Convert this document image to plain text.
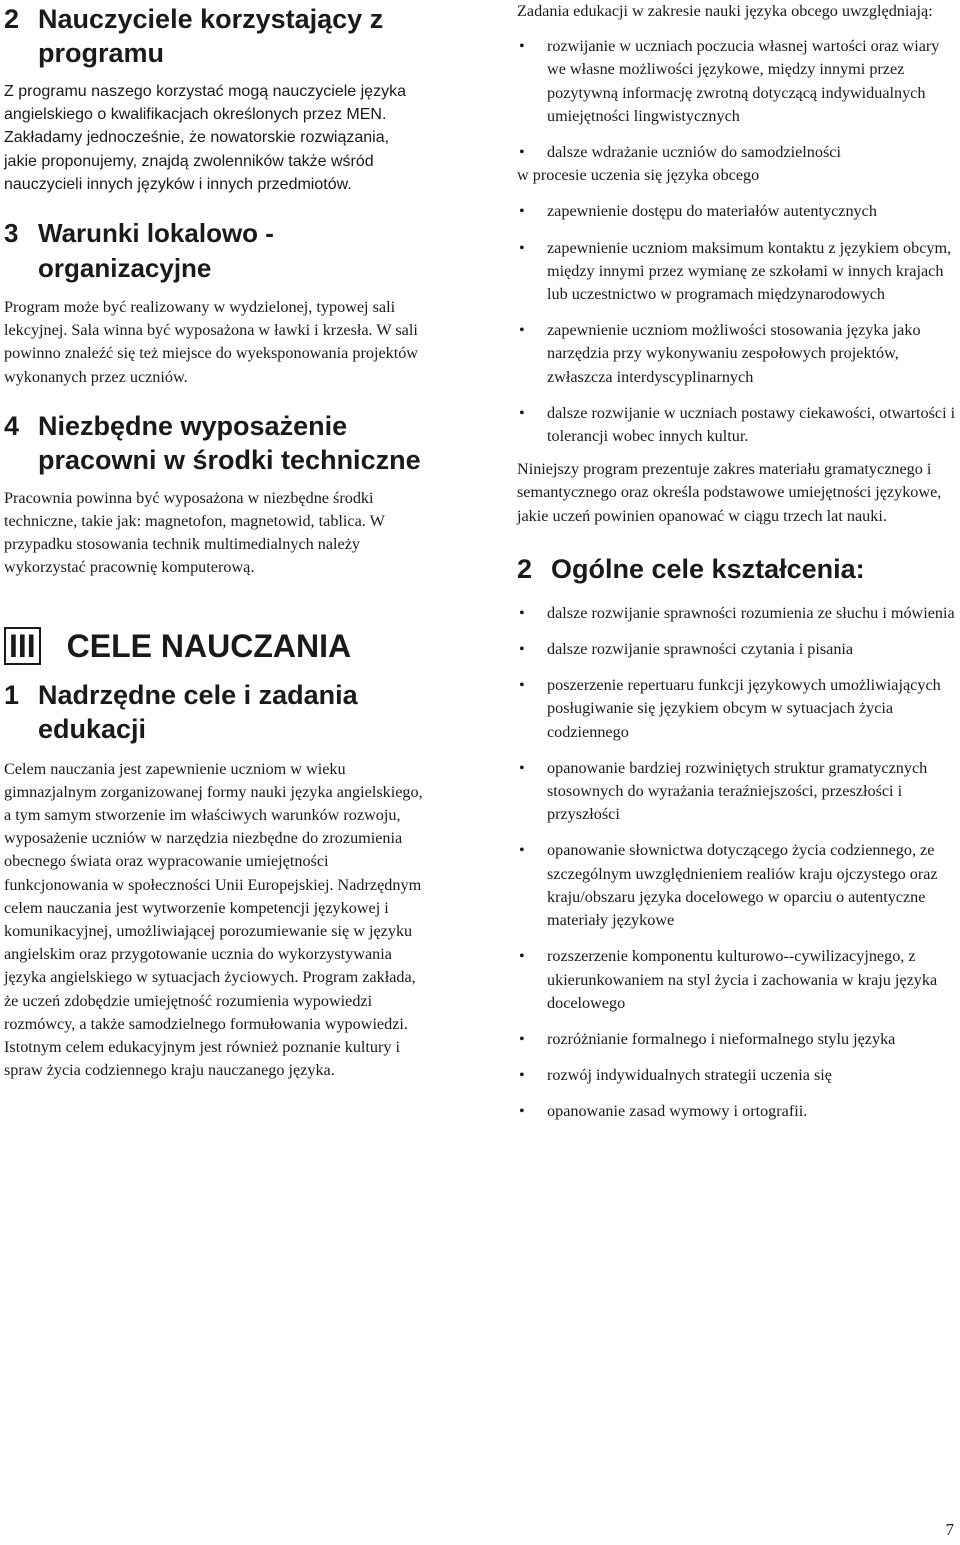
2 Nauczyciele korzystający z programu

Z programu naszego korzystać mogą nauczyciele języka angielskiego o kwalifikacjach określonych przez MEN. Zakładamy jednocześnie, że nowatorskie rozwiązania, jakie proponujemy, znajdą zwolenników także wśród nauczycieli innych języków i innych przedmiotów.

3 Warunki lokalowo - organizacyjne

Program może być realizowany w wydzielonej, typowej sali lekcyjnej. Sala winna być wyposażona w ławki i krzesła. W sali powinno znaleźć się też miejsce do wyeksponowania projektów wykonanych przez uczniów.

4 Niezbędne wyposażenie pracowni w środki techniczne

Pracownia powinna być wyposażona w niezbędne środki techniczne, takie jak: magnetofon, magnetowid, tablica. W przypadku stosowania technik multimedialnych należy wykorzystać pracownię komputerową.

III CELE NAUCZANIA
1 Nadrzędne cele i zadania edukacji

Celem nauczania jest zapewnienie uczniom w wieku gimnazjalnym zorganizowanej formy nauki języka angielskiego, a tym samym stworzenie im właściwych warunków rozwoju, wyposażenie uczniów w narzędzia niezbędne do zrozumienia obecnego świata oraz wypracowanie umiejętności funkcjonowania w społeczności Unii Europejskiej. Nadrzędnym celem nauczania jest wytworzenie kompetencji językowej i komunikacyjnej, umożliwiającej porozumiewanie się w języku angielskim oraz przygotowanie ucznia do wykorzystywania języka angielskiego w sytuacjach życiowych. Program zakłada, że uczeń zdobędzie umiejętność rozumienia wypowiedzi rozmówcy, a także samodzielnego formułowania wypowiedzi. Istotnym celem edukacyjnym jest również poznanie kultury i spraw życia codziennego kraju nauczanego języka.

Zadania edukacji w zakresie nauki języka obcego uwzględniają:

• rozwijanie w uczniach poczucia własnej wartości oraz wiary we własne możliwości językowe, między innymi przez pozytywną informację zwrotną dotyczącą indywidualnych umiejętności lingwistycznych
• dalsze wdrażanie uczniów do samodzielności

w procesie uczenia się języka obcego

• zapewnienie dostępu do materiałów autentycznych
• zapewnienie uczniom maksimum kontaktu z językiem obcym, między innymi przez wymianę ze szkołami w innych krajach lub uczestnictwo w programach międzynarodowych
• zapewnienie uczniom możliwości stosowania języka jako narzędzia przy wykonywaniu zespołowych projektów, zwłaszcza interdyscyplinarnych
• dalsze rozwijanie w uczniach postawy ciekawości, otwartości i tolerancji wobec innych kultur.

Niniejszy program prezentuje zakres materiału gramatycznego i semantycznego oraz określa podstawowe umiejętności językowe, jakie uczeń powinien opanować w ciągu trzech lat nauki.

2 Ogólne cele kształcenia:
• dalsze rozwijanie sprawności rozumienia ze słuchu i mówienia
• dalsze rozwijanie sprawności czytania i pisania
• poszerzenie repertuaru funkcji językowych umożliwiających posługiwanie się językiem obcym w sytuacjach życia codziennego
• opanowanie bardziej rozwiniętych struktur gramatycznych stosownych do wyrażania teraźniejszości, przeszłości i przyszłości
• opanowanie słownictwa dotyczącego życia codziennego, ze szczególnym uwzględnieniem realiów kraju ojczystego oraz kraju/obszaru języka docelowego w oparciu o autentyczne materiały językowe
• rozszerzenie komponentu kulturowo--cywilizacyjnego, z ukierunkowaniem na styl życia i zachowania w kraju języka docelowego
• rozróżnianie formalnego i nieformalnego stylu języka
• rozwój indywidualnych strategii uczenia się
• opanowanie zasad wymowy i ortografii.
7
